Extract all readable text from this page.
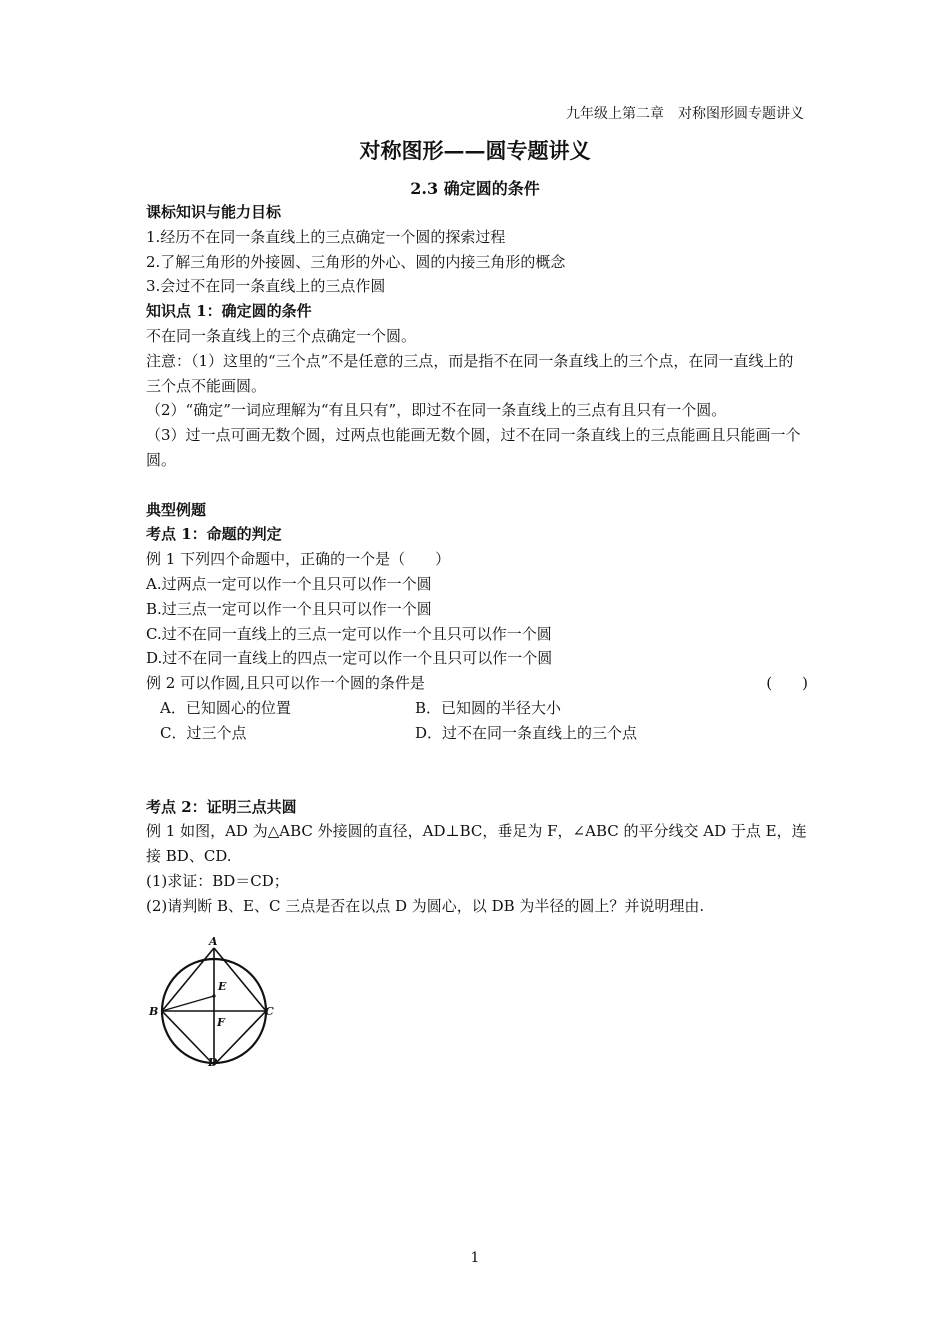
九年级上第二章　对称图形圆专题讲义
对称图形——圆专题讲义
2.3 确定圆的条件
课标知识与能力目标
1.经历不在同一条直线上的三点确定一个圆的探索过程
2.了解三角形的外接圆、三角形的外心、圆的内接三角形的概念
3.会过不在同一条直线上的三点作圆
知识点 1：确定圆的条件
不在同一条直线上的三个点确定一个圆。
注意：（1）这里的“三个点”不是任意的三点，而是指不在同一条直线上的三个点，在同一直线上的三个点不能画圆。
（2）“确定”一词应理解为“有且只有”，即过不在同一条直线上的三点有且只有一个圆。
（3）过一点可画无数个圆，过两点也能画无数个圆，过不在同一条直线上的三点能画且只能画一个圆。
典型例题
考点 1：命题的判定
例 1 下列四个命题中，正确的一个是（　　）
A.过两点一定可以作一个且只可以作一个圆
B.过三点一定可以作一个且只可以作一个圆
C.过不在同一直线上的三点一定可以作一个且只可以作一个圆
D.过不在同一直线上的四点一定可以作一个且只可以作一个圆
例 2 可以作圆,且只可以作一个圆的条件是	(　　)
A．已知圆心的位置	B．已知圆的半径大小
C．过三个点	D．过不在同一条直线上的三个点
考点 2：证明三点共圆
例 1 如图，AD 为△ABC 外接圆的直径，AD⊥BC，垂足为 F，∠ABC 的平分线交 AD 于点 E，连接 BD、CD.
(1)求证：BD＝CD；
(2)请判断 B、E、C 三点是否在以点 D 为圆心，以 DB 为半径的圆上？并说明理由.
A
B	C
D
E
F
1
